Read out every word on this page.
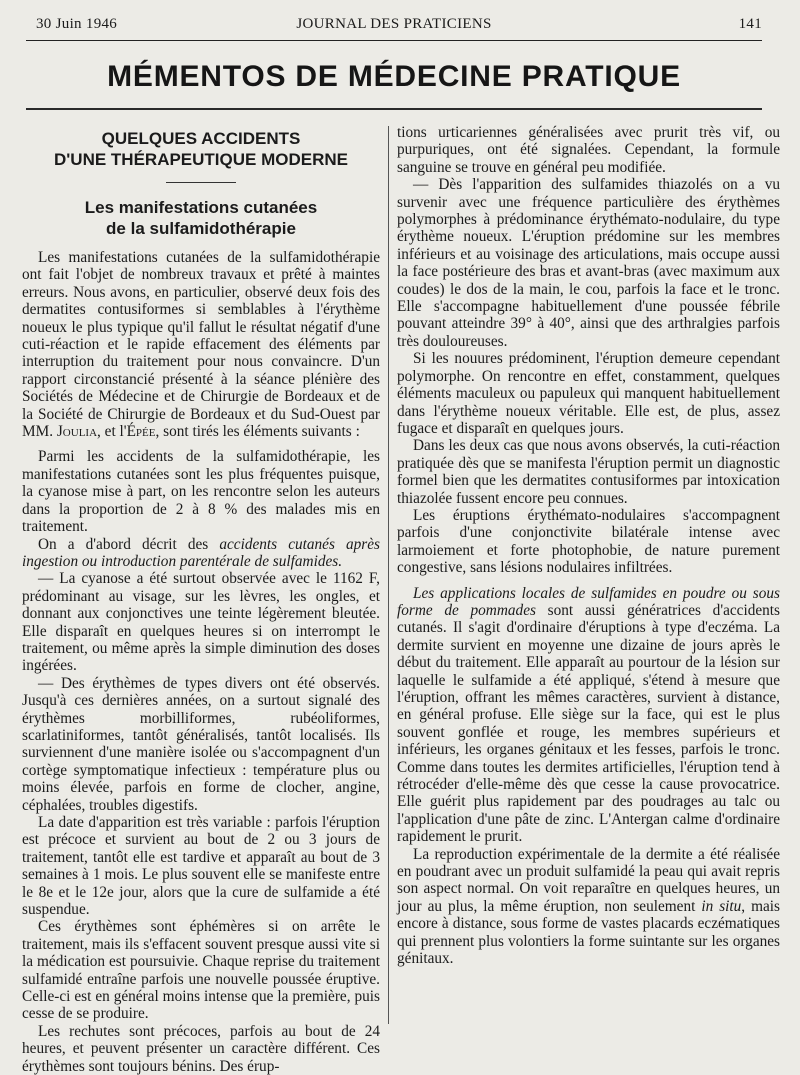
30 Juin 1946	JOURNAL DES PRATICIENS	141
MÉMENTOS DE MÉDECINE PRATIQUE
QUELQUES ACCIDENTS
D'UNE THÉRAPEUTIQUE MODERNE
Les manifestations cutanées
de la sulfamidothérapie

Les manifestations cutanées de la sulfamidothérapie ont fait l'objet de nombreux travaux et prêté à maintes erreurs. Nous avons, en particulier, observé deux fois des dermatites contusiformes si semblables à l'érythème noueux le plus typique qu'il fallut le résultat négatif d'une cuti-réaction et le rapide effacement des éléments par interruption du traitement pour nous convaincre. D'un rapport circonstancié présenté à la séance plénière des Sociétés de Médecine et de Chirurgie de Bordeaux et de la Société de Chirurgie de Bordeaux et du Sud-Ouest par MM. Joulia, et l'Épée, sont tirés les éléments suivants :

Parmi les accidents de la sulfamidothérapie, les manifestations cutanées sont les plus fréquentes puisque, la cyanose mise à part, on les rencontre selon les auteurs dans la proportion de 2 à 8 % des malades mis en traitement.

On a d'abord décrit des accidents cutanés après ingestion ou introduction parentérale de sulfamides.

— La cyanose a été surtout observée avec le 1162 F, prédominant au visage, sur les lèvres, les ongles, et donnant aux conjonctives une teinte légèrement bleutée. Elle disparaît en quelques heures si on interrompt le traitement, ou même après la simple diminution des doses ingérées.

— Des érythèmes de types divers ont été observés. Jusqu'à ces dernières années, on a surtout signalé des érythèmes morbilliformes, rubéoliformes, scarlatiniformes, tantôt généralisés, tantôt localisés. Ils surviennent d'une manière isolée ou s'accompagnent d'un cortège symptomatique infectieux : température plus ou moins élevée, parfois en forme de clocher, angine, céphalées, troubles digestifs.

La date d'apparition est très variable : parfois l'éruption est précoce et survient au bout de 2 ou 3 jours de traitement, tantôt elle est tardive et apparaît au bout de 3 semaines à 1 mois. Le plus souvent elle se manifeste entre le 8e et le 12e jour, alors que la cure de sulfamide a été suspendue.

Ces érythèmes sont éphémères si on arrête le traitement, mais ils s'effacent souvent presque aussi vite si la médication est poursuivie. Chaque reprise du traitement sulfamidé entraîne parfois une nouvelle poussée éruptive. Celle-ci est en général moins intense que la première, puis cesse de se produire.

Les rechutes sont précoces, parfois au bout de 24 heures, et peuvent présenter un caractère différent. Ces érythèmes sont toujours bénins. Des érup-

tions urticariennes généralisées avec prurit très vif, ou purpuriques, ont été signalées. Cependant, la formule sanguine se trouve en général peu modifiée.

— Dès l'apparition des sulfamides thiazolés on a vu survenir avec une fréquence particulière des érythèmes polymorphes à prédominance érythémato-nodulaire, du type érythème noueux. L'éruption prédomine sur les membres inférieurs et au voisinage des articulations, mais occupe aussi la face postérieure des bras et avant-bras (avec maximum aux coudes) le dos de la main, le cou, parfois la face et le tronc. Elle s'accompagne habituellement d'une poussée fébrile pouvant atteindre 39° à 40°, ainsi que des arthralgies parfois très douloureuses.

Si les nouures prédominent, l'éruption demeure cependant polymorphe. On rencontre en effet, constamment, quelques éléments maculeux ou papuleux qui manquent habituellement dans l'érythème noueux véritable. Elle est, de plus, assez fugace et disparaît en quelques jours.

Dans les deux cas que nous avons observés, la cuti-réaction pratiquée dès que se manifesta l'éruption permit un diagnostic formel bien que les dermatites contusiformes par intoxication thiazolée fussent encore peu connues.

Les éruptions érythémato-nodulaires s'accompagnent parfois d'une conjonctivite bilatérale intense avec larmoiement et forte photophobie, de nature purement congestive, sans lésions nodulaires infiltrées.

Les applications locales de sulfamides en poudre ou sous forme de pommades sont aussi génératrices d'accidents cutanés. Il s'agit d'ordinaire d'éruptions à type d'eczéma. La dermite survient en moyenne une dizaine de jours après le début du traitement. Elle apparaît au pourtour de la lésion sur laquelle le sulfamide a été appliqué, s'étend à mesure que l'éruption, offrant les mêmes caractères, survient à distance, en général profuse. Elle siège sur la face, qui est le plus souvent gonflée et rouge, les membres supérieurs et inférieurs, les organes génitaux et les fesses, parfois le tronc. Comme dans toutes les dermites artificielles, l'éruption tend à rétrocéder d'elle-même dès que cesse la cause provocatrice. Elle guérit plus rapidement par des poudrages au talc ou l'application d'une pâte de zinc. L'Antergan calme d'ordinaire rapidement le prurit.

La reproduction expérimentale de la dermite a été réalisée en poudrant avec un produit sulfamidé la peau qui avait repris son aspect normal. On voit reparaître en quelques heures, un jour au plus, la même éruption, non seulement in situ, mais encore à distance, sous forme de vastes placards eczématiques qui prennent plus volontiers la forme suintante sur les organes génitaux.
